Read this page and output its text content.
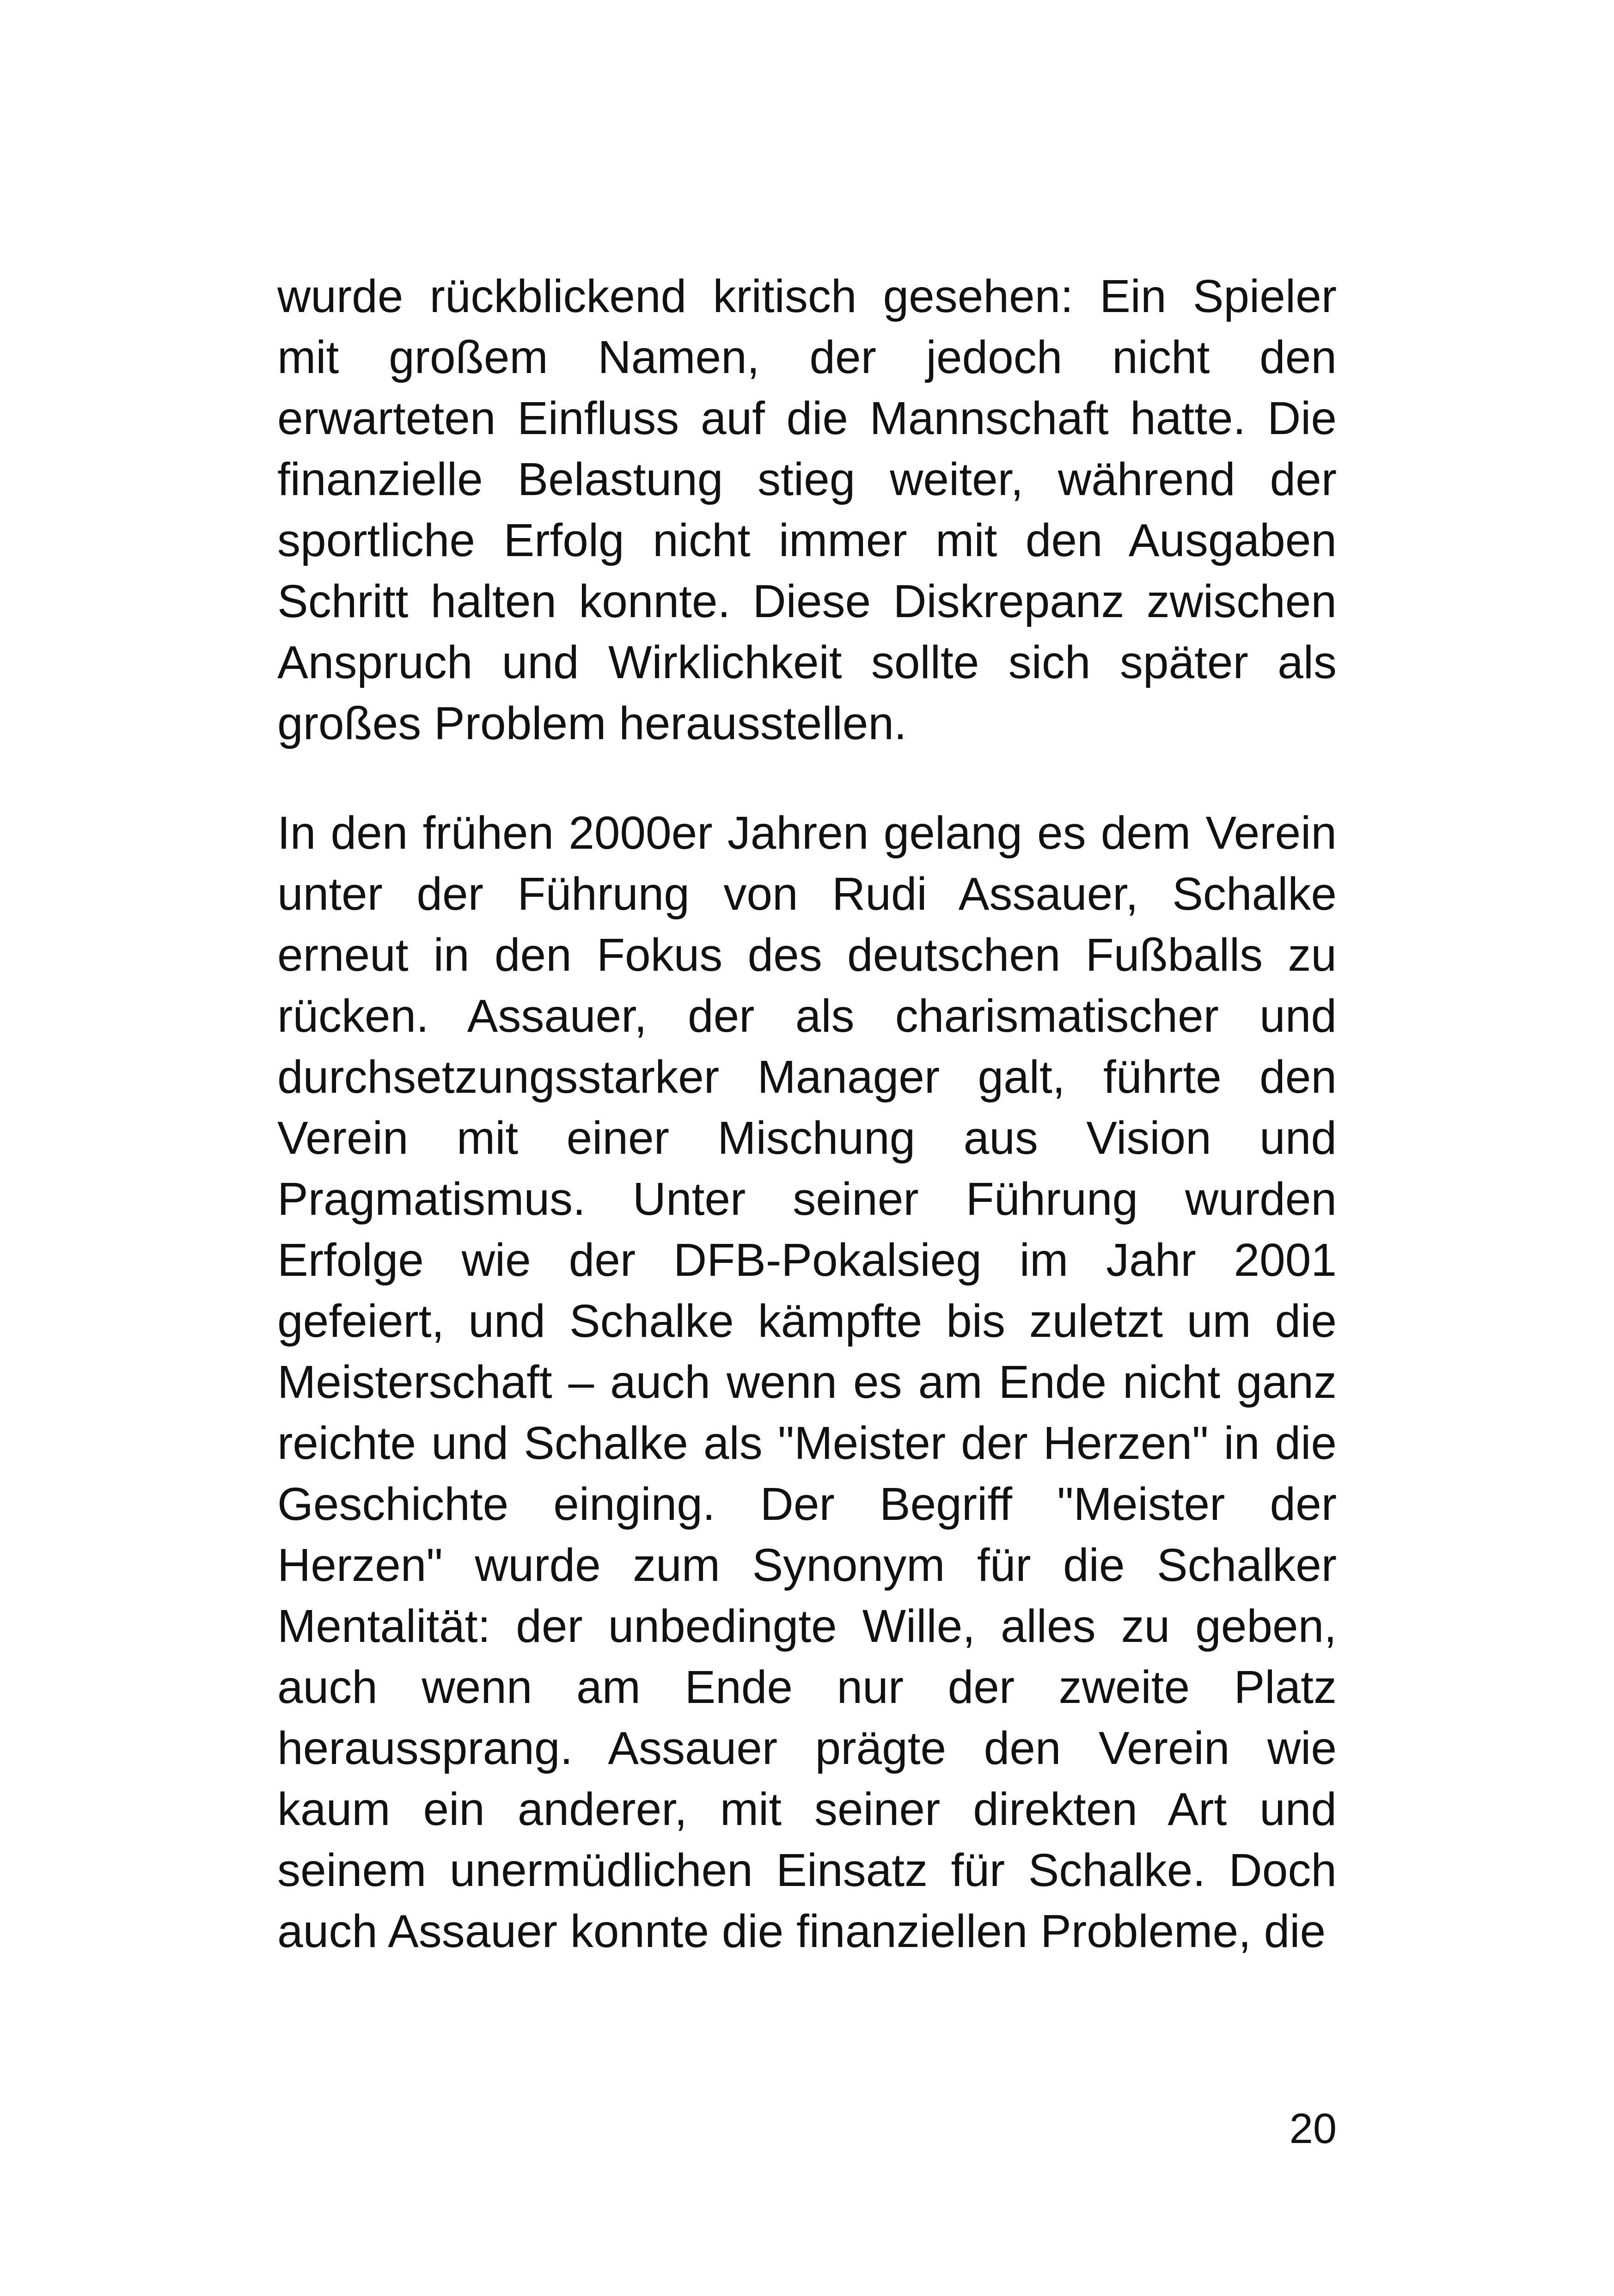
wurde rückblickend kritisch gesehen: Ein Spieler mit großem Namen, der jedoch nicht den erwarteten Einfluss auf die Mannschaft hatte. Die finanzielle Belastung stieg weiter, während der sportliche Erfolg nicht immer mit den Ausgaben Schritt halten konnte. Diese Diskrepanz zwischen Anspruch und Wirklichkeit sollte sich später als großes Problem herausstellen.

In den frühen 2000er Jahren gelang es dem Verein unter der Führung von Rudi Assauer, Schalke erneut in den Fokus des deutschen Fußballs zu rücken. Assauer, der als charismatischer und durchsetzungsstarker Manager galt, führte den Verein mit einer Mischung aus Vision und Pragmatismus. Unter seiner Führung wurden Erfolge wie der DFB-Pokalsieg im Jahr 2001 gefeiert, und Schalke kämpfte bis zuletzt um die Meisterschaft – auch wenn es am Ende nicht ganz reichte und Schalke als "Meister der Herzen" in die Geschichte einging. Der Begriff "Meister der Herzen" wurde zum Synonym für die Schalker Mentalität: der unbedingte Wille, alles zu geben, auch wenn am Ende nur der zweite Platz heraussprang. Assauer prägte den Verein wie kaum ein anderer, mit seiner direkten Art und seinem unermüdlichen Einsatz für Schalke. Doch auch Assauer konnte die finanziellen Probleme, die

20
